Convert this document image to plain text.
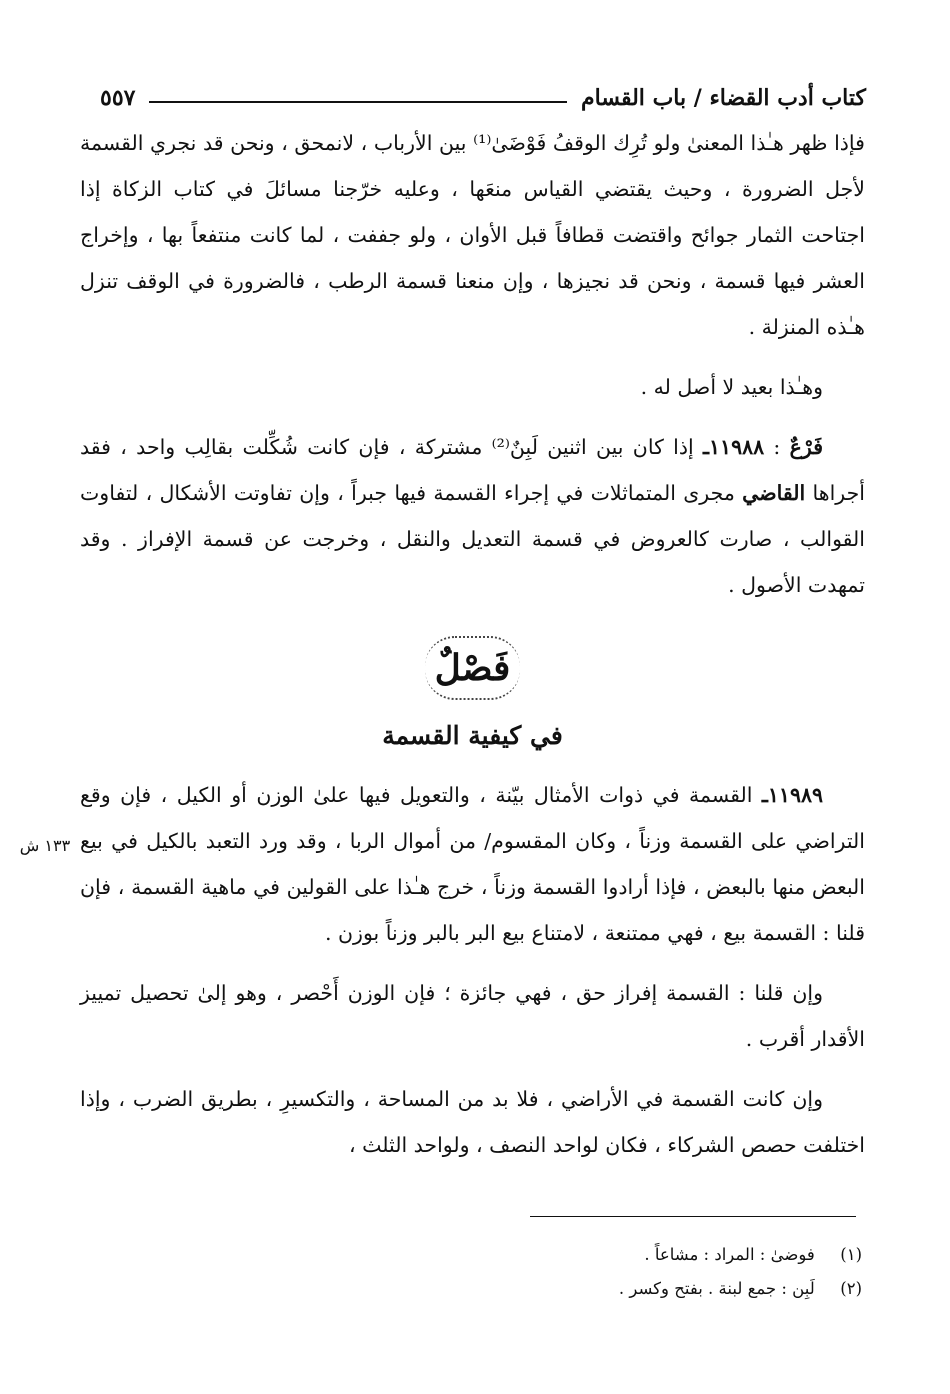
٥٥٧	كتاب أدب القضاء / باب القسام

فإذا ظهر هـٰذا المعنىٰ ولو تُرِك الوقفُ فَوْضَىٰ⁽¹⁾ بين الأرباب ، لانمحق ، ونحن قد نجري القسمة لأجل الضرورة ، وحيث يقتضي القياس منعَها ، وعليه خرّجنا مسائلَ في كتاب الزكاة إذا اجتاحت الثمار جوائح واقتضت قطافاً قبل الأوان ، ولو جففت ، لما كانت منتفعاً بها ، وإخراج العشر فيها قسمة ، ونحن قد نجيزها ، وإن منعنا قسمة الرطب ، فالضرورة في الوقف تنزل هـٰذه المنزلة .

وهـٰذا بعيد لا أصل له .

فَرْعٌ : ١١٩٨٨ـ إذا كان بين اثنين لَبِنٌ⁽²⁾ مشتركة ، فإن كانت شُكِّلت بقالِب واحد ، فقد أجراها القاضي مجرى المتماثلات في إجراء القسمة فيها جبراً ، وإن تفاوتت الأشكال ، لتفاوت القوالب ، صارت كالعروض في قسمة التعديل والنقل ، وخرجت عن قسمة الإفراز . وقد تمهدت الأصول .

فَصْلٌ
في كيفية القسمة

١١٩٨٩ـ القسمة في ذوات الأمثال بيّنة ، والتعويل فيها علىٰ الوزن أو الكيل ، فإن وقع التراضي على القسمة وزناً ، وكان المقسوم/ من أموال الربا ، وقد ورد التعبد بالكيل في بيع البعض منها بالبعض ، فإذا أرادوا القسمة وزناً ، خرج هـٰذا على القولين في ماهية القسمة ، فإن قلنا : القسمة بيع ، فهي ممتنعة ، لامتناع بيع البر بالبر وزناً بوزن .

وإن قلنا : القسمة إفراز حق ، فهي جائزة ؛ فإن الوزن أَحْصر ، وهو إلىٰ تحصيل تمييز الأقدار أقرب .

وإن كانت القسمة في الأراضي ، فلا بد من المساحة ، والتكسيرِ ، بطريق الضرب ، وإذا اختلفت حصص الشركاء ، فكان لواحد النصف ، ولواحد الثلث ،

١٣٣ ش
(١) فوضىٰ : المراد : مشاعاً .
(٢) لَبِن : جمع لبنة . بفتح وكسر .
